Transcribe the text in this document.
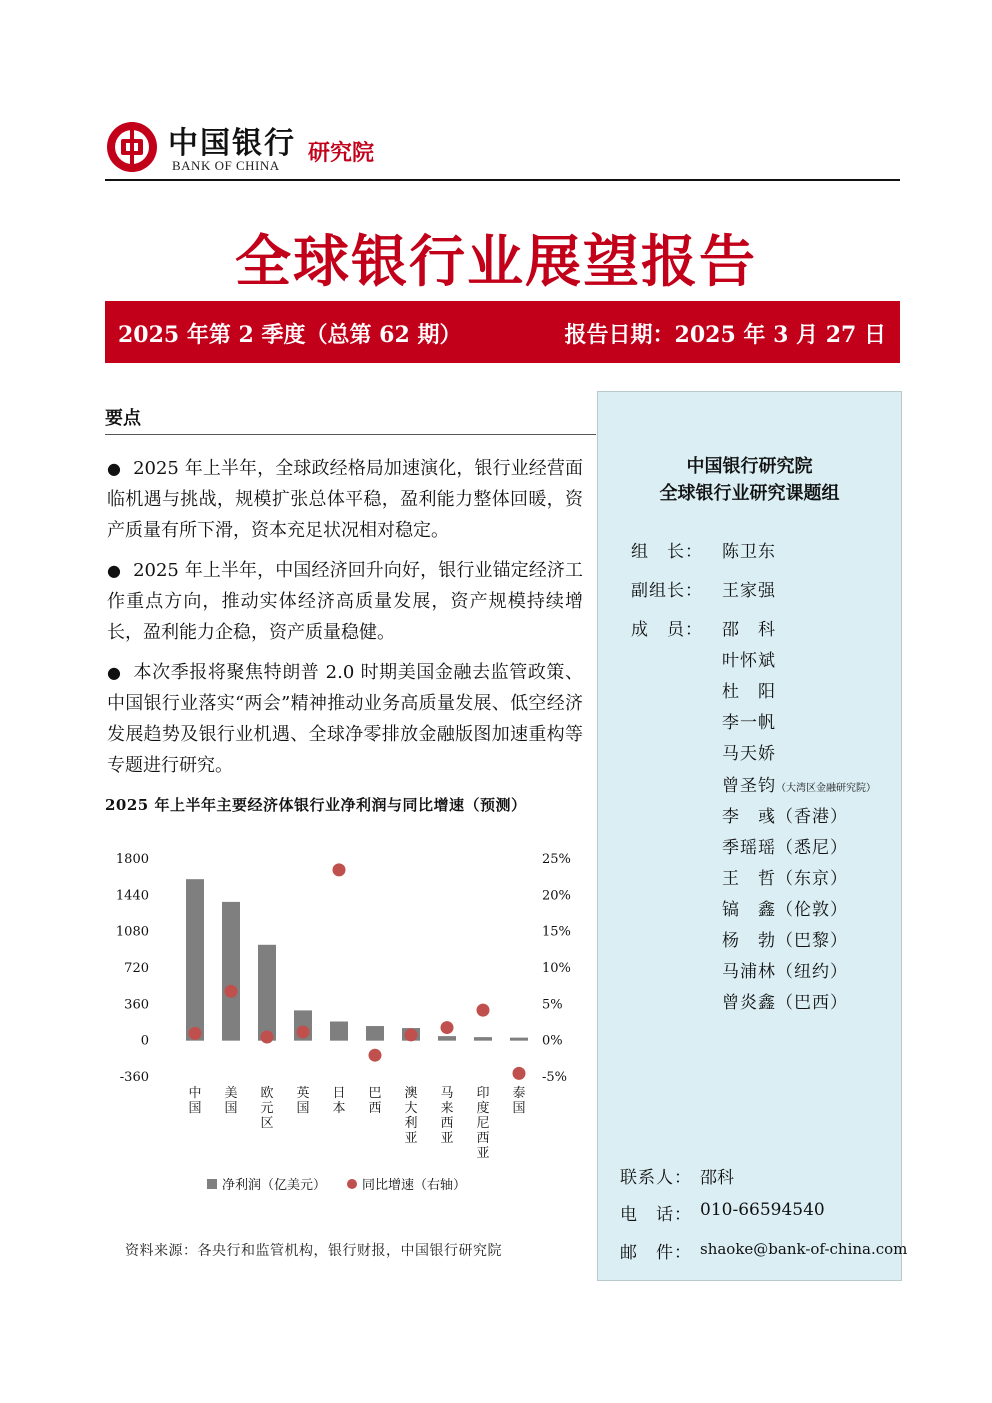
中国银行
BANK OF CHINA 研究院
全球银行业展望报告
2025 年第 2 季度（总第 62 期）	报告日期：2025 年 3 月 27 日
要点
● 2025 年上半年，全球政经格局加速演化，银行业经营面临机遇与挑战，规模扩张总体平稳，盈利能力整体回暖，资产质量有所下滑，资本充足状况相对稳定。
● 2025 年上半年，中国经济回升向好，银行业锚定经济工作重点方向，推动实体经济高质量发展，资产规模持续增长，盈利能力企稳，资产质量稳健。
● 本次季报将聚焦特朗普 2.0 时期美国金融去监管政策、中国银行业落实“两会”精神推动业务高质量发展、低空经济发展趋势及银行业机遇、全球净零排放金融版图加速重构等专题进行研究。
2025 年上半年主要经济体银行业净利润与同比增速（预测）
1800
1440
1080
720
360
0
-360
25%
20%
15%
10%
5%
0%
-5%
中
国
美
国
欧
元
区
英
国
日
本
巴
西
澳
大
利
亚
马
来
西
亚
印
度
尼
西
亚
泰
国
净利润（亿美元）	同比增速（右轴）
资料来源：各央行和监管机构，银行财报，中国银行研究院
中国银行研究院
全球银行业研究课题组
组　长： 陈卫东
副组长： 王家强
成　员： 邵　科
叶怀斌
杜　阳
李一帆
马天娇
曾圣钧（大湾区金融研究院）
李　彧（香港）
季瑶瑶（悉尼）
王　哲（东京）
镐　鑫（伦敦）
杨　勃（巴黎）
马浦林（纽约）
曾炎鑫（巴西）
联系人： 邵科
电　话： 010-66594540
邮　件： shaoke@bank-of-china.com
